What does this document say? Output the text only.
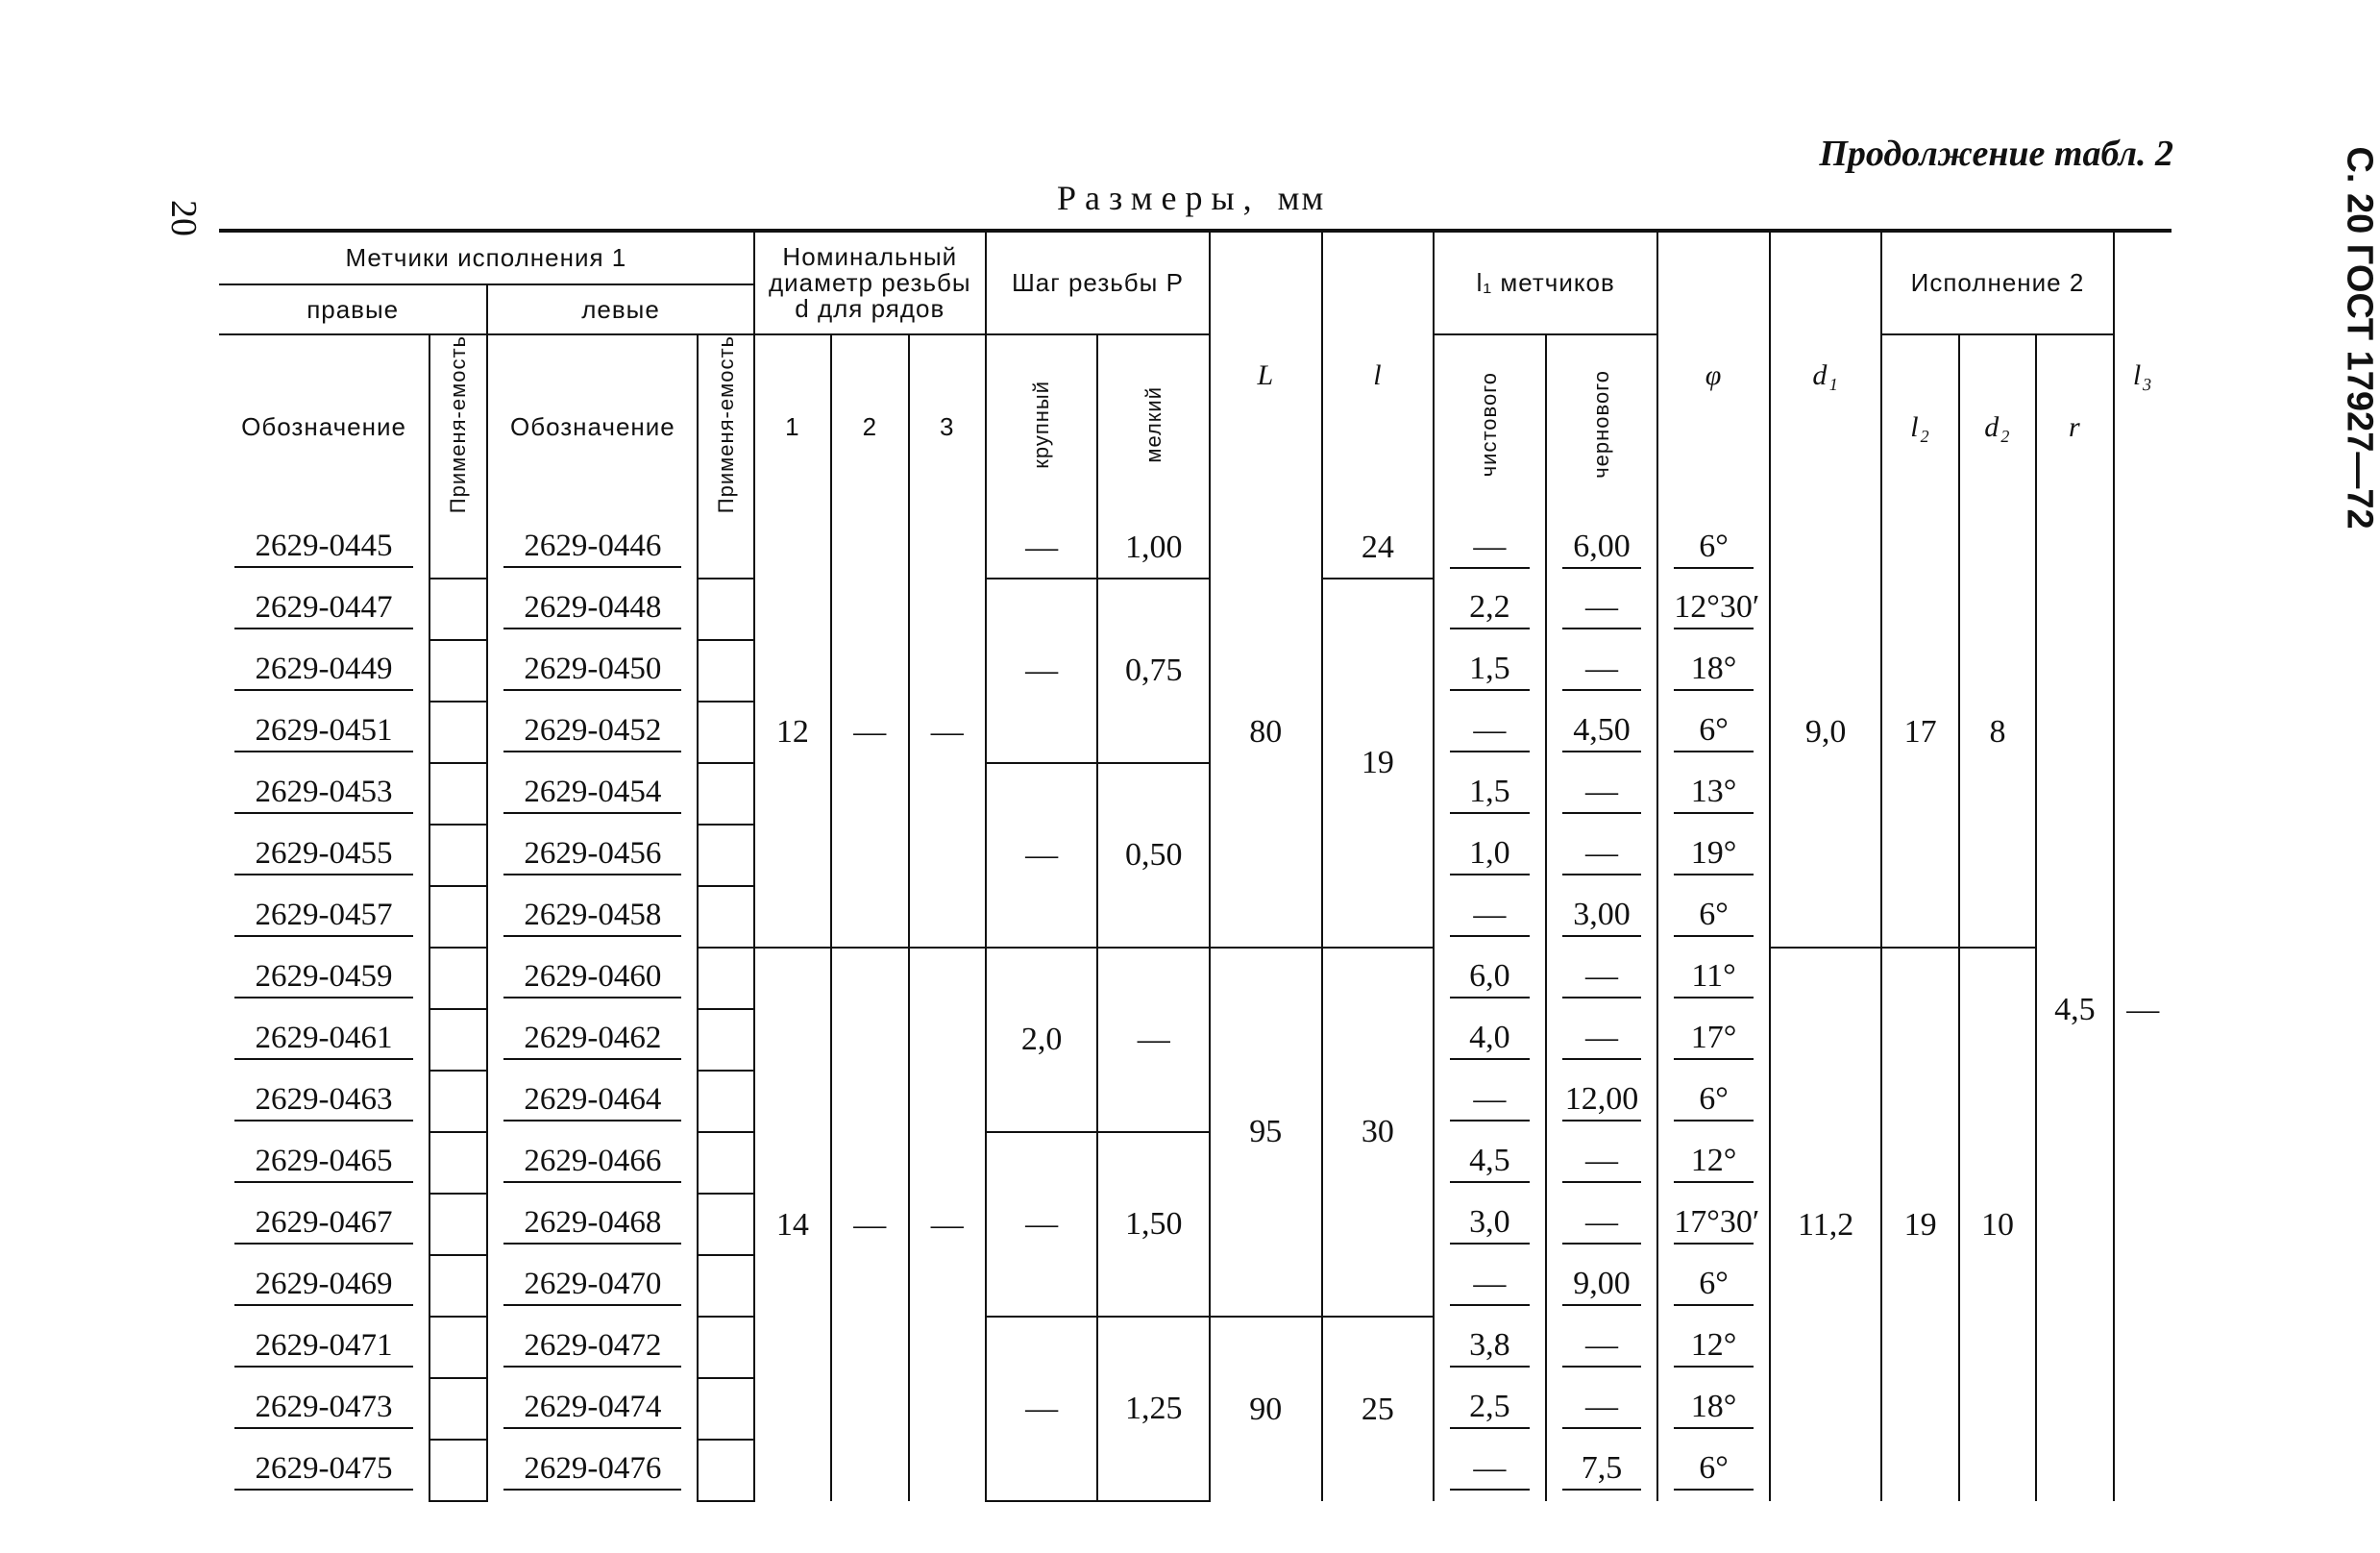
20	С. 20 ГОСТ 17927—72
Продолжение табл. 2
Размеры, мм
Метчики исполнения 1				Номинальный диаметр резьбы d для рядов			Шаг резьбы P		L	l	l₁ метчиков		φ	d₁	Исполнение 2			l₃
правые		левые																
Обозначение	Применя-емость	Обозначение	Применя-емость	1	2	3	крупный	мелкий			чистового	чернового			l₂	d₂	r	

2629-0445		2629-0446		12	—	—	—	1,00	80	24	—	6,00	6°	9,0	17	8	4,5	—

2629-0447		2629-0448					—	0,75		19	2,2	—	12°30′					

2629-0449		2629-0450									1,5	—	18°					

2629-0451		2629-0452									—	4,50	6°					

2629-0453		2629-0454					—	0,50			1,5	—	13°					

2629-0455		2629-0456									1,0	—	19°					

2629-0457		2629-0458									—	3,00	6°					

2629-0459		2629-0460		14	—	—	2,0	—	95	30	6,0	—	11°	11,2	19	10		

2629-0461		2629-0462									4,0	—	17°					

2629-0463		2629-0464									—	12,00	6°					

2629-0465		2629-0466					—	1,50			4,5	—	12°					

2629-0467		2629-0468									3,0	—	17°30′					

2629-0469		2629-0470									—	9,00	6°					

2629-0471		2629-0472					—	1,25	90	25	3,8	—	12°					

2629-0473		2629-0474									2,5	—	18°					

2629-0475		2629-0476									—	7,5	6°					
